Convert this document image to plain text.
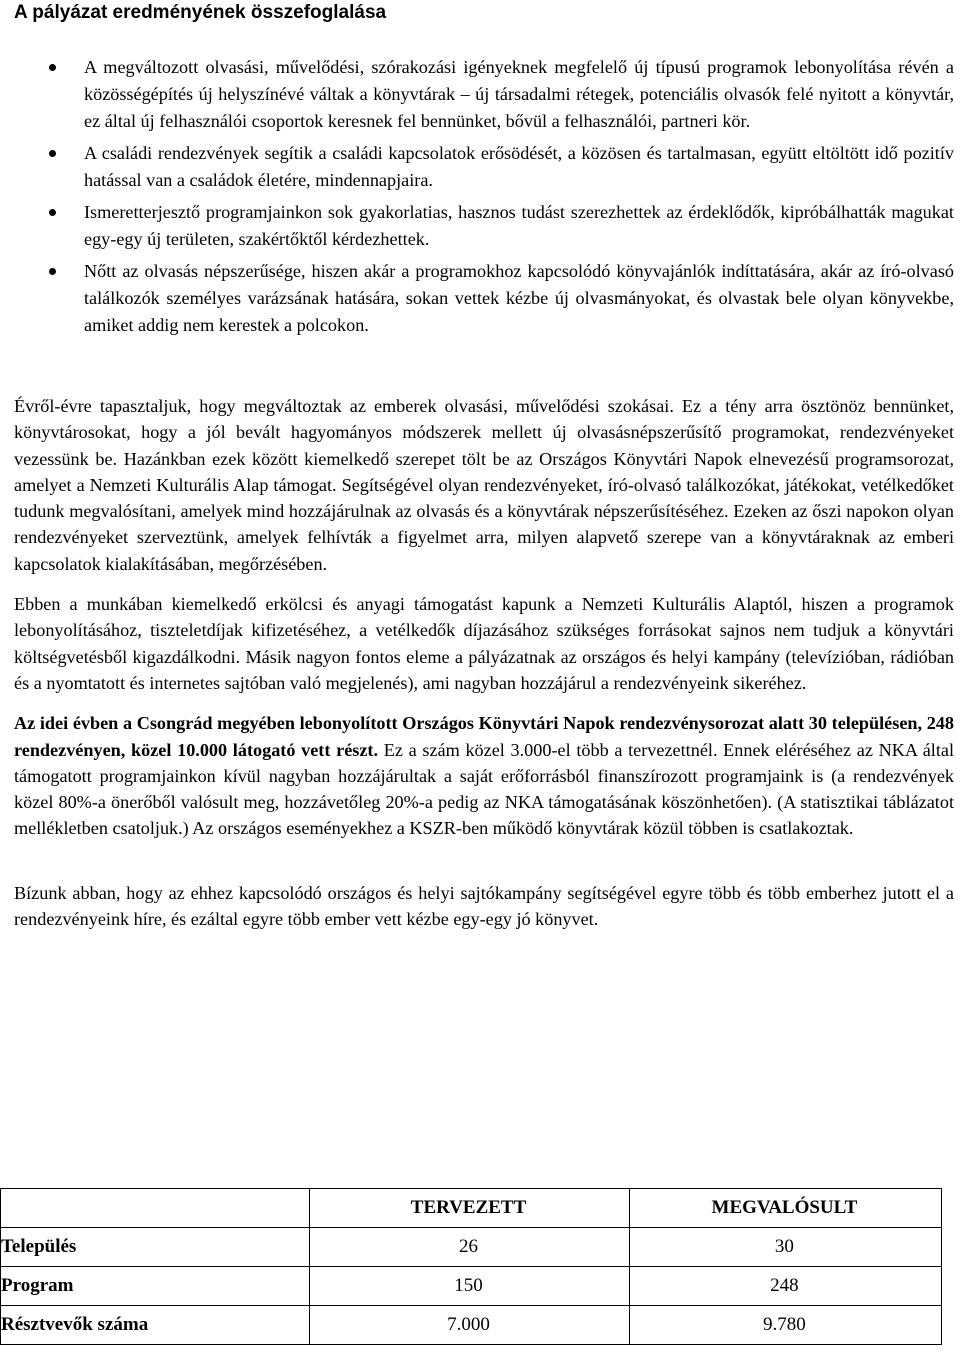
A pályázat eredményének összefoglalása
A megváltozott olvasási, művelődési, szórakozási igényeknek megfelelő új típusú programok lebonyolítása révén a közösségépítés új helyszínévé váltak a könyvtárak – új társadalmi rétegek, potenciális olvasók felé nyitott a könyvtár, ez által új felhasználói csoportok keresnek fel bennünket, bővül a felhasználói, partneri kör.
A családi rendezvények segítik a családi kapcsolatok erősödését, a közösen és tartalmasan, együtt eltöltött idő pozitív hatással van a családok életére, mindennapjaira.
Ismeretterjesztő programjainkon sok gyakorlatias, hasznos tudást szerezhettek az érdeklődők, kipróbálhatták magukat egy-egy új területen, szakértőktől kérdezhettek.
Nőtt az olvasás népszerűsége, hiszen akár a programokhoz kapcsolódó könyvajánlók indíttatására, akár az író-olvasó találkozók személyes varázsának hatására, sokan vettek kézbe új olvasmányokat, és olvastak bele olyan könyvekbe, amiket addig nem kerestek a polcokon.

Évről-évre tapasztaljuk, hogy megváltoztak az emberek olvasási, művelődési szokásai. Ez a tény arra ösztönöz bennünket, könyvtárosokat, hogy a jól bevált hagyományos módszerek mellett új olvasásnépszerűsítő programokat, rendezvényeket vezessünk be. Hazánkban ezek között kiemelkedő szerepet tölt be az Országos Könyvtári Napok elnevezésű programsorozat, amelyet a Nemzeti Kulturális Alap támogat. Segítségével olyan rendezvényeket, író-olvasó találkozókat, játékokat, vetélkedőket tudunk megvalósítani, amelyek mind hozzájárulnak az olvasás és a könyvtárak népszerűsítéséhez. Ezeken az őszi napokon olyan rendezvényeket szerveztünk, amelyek felhívták a figyelmet arra, milyen alapvető szerepe van a könyvtáraknak az emberi kapcsolatok kialakításában, megőrzésében.

Ebben a munkában kiemelkedő erkölcsi és anyagi támogatást kapunk a Nemzeti Kulturális Alaptól, hiszen a programok lebonyolításához, tiszteletdíjak kifizetéséhez, a vetélkedők díjazásához szükséges forrásokat sajnos nem tudjuk a könyvtári költségvetésből kigazdálkodni. Másik nagyon fontos eleme a pályázatnak az országos és helyi kampány (televízióban, rádióban és a nyomtatott és internetes sajtóban való megjelenés), ami nagyban hozzájárul a rendezvényeink sikeréhez.

Az idei évben a Csongrád megyében lebonyolított Országos Könyvtári Napok rendezvénysorozat alatt 30 településen, 248 rendezvényen, közel 10.000 látogató vett részt. Ez a szám közel 3.000-el több a tervezettnél. Ennek eléréséhez az NKA által támogatott programjainkon kívül nagyban hozzájárultak a saját erőforrásból finanszírozott programjaink is (a rendezvények közel 80%-a önerőből valósult meg, hozzávetőleg 20%-a pedig az NKA támogatásának köszönhetően). (A statisztikai táblázatot mellékletben csatoljuk.) Az országos eseményekhez a KSZR-ben működő könyvtárak közül többen is csatlakoztak.

Bízunk abban, hogy az ehhez kapcsolódó országos és helyi sajtókampány segítségével egyre több és több emberhez jutott el a rendezvényeink híre, és ezáltal egyre több ember vett kézbe egy-egy jó könyvet.

	TERVEZETT	MEGVALÓSULT
Település	26	30
Program	150	248
Résztvevők száma	7.000	9.780
